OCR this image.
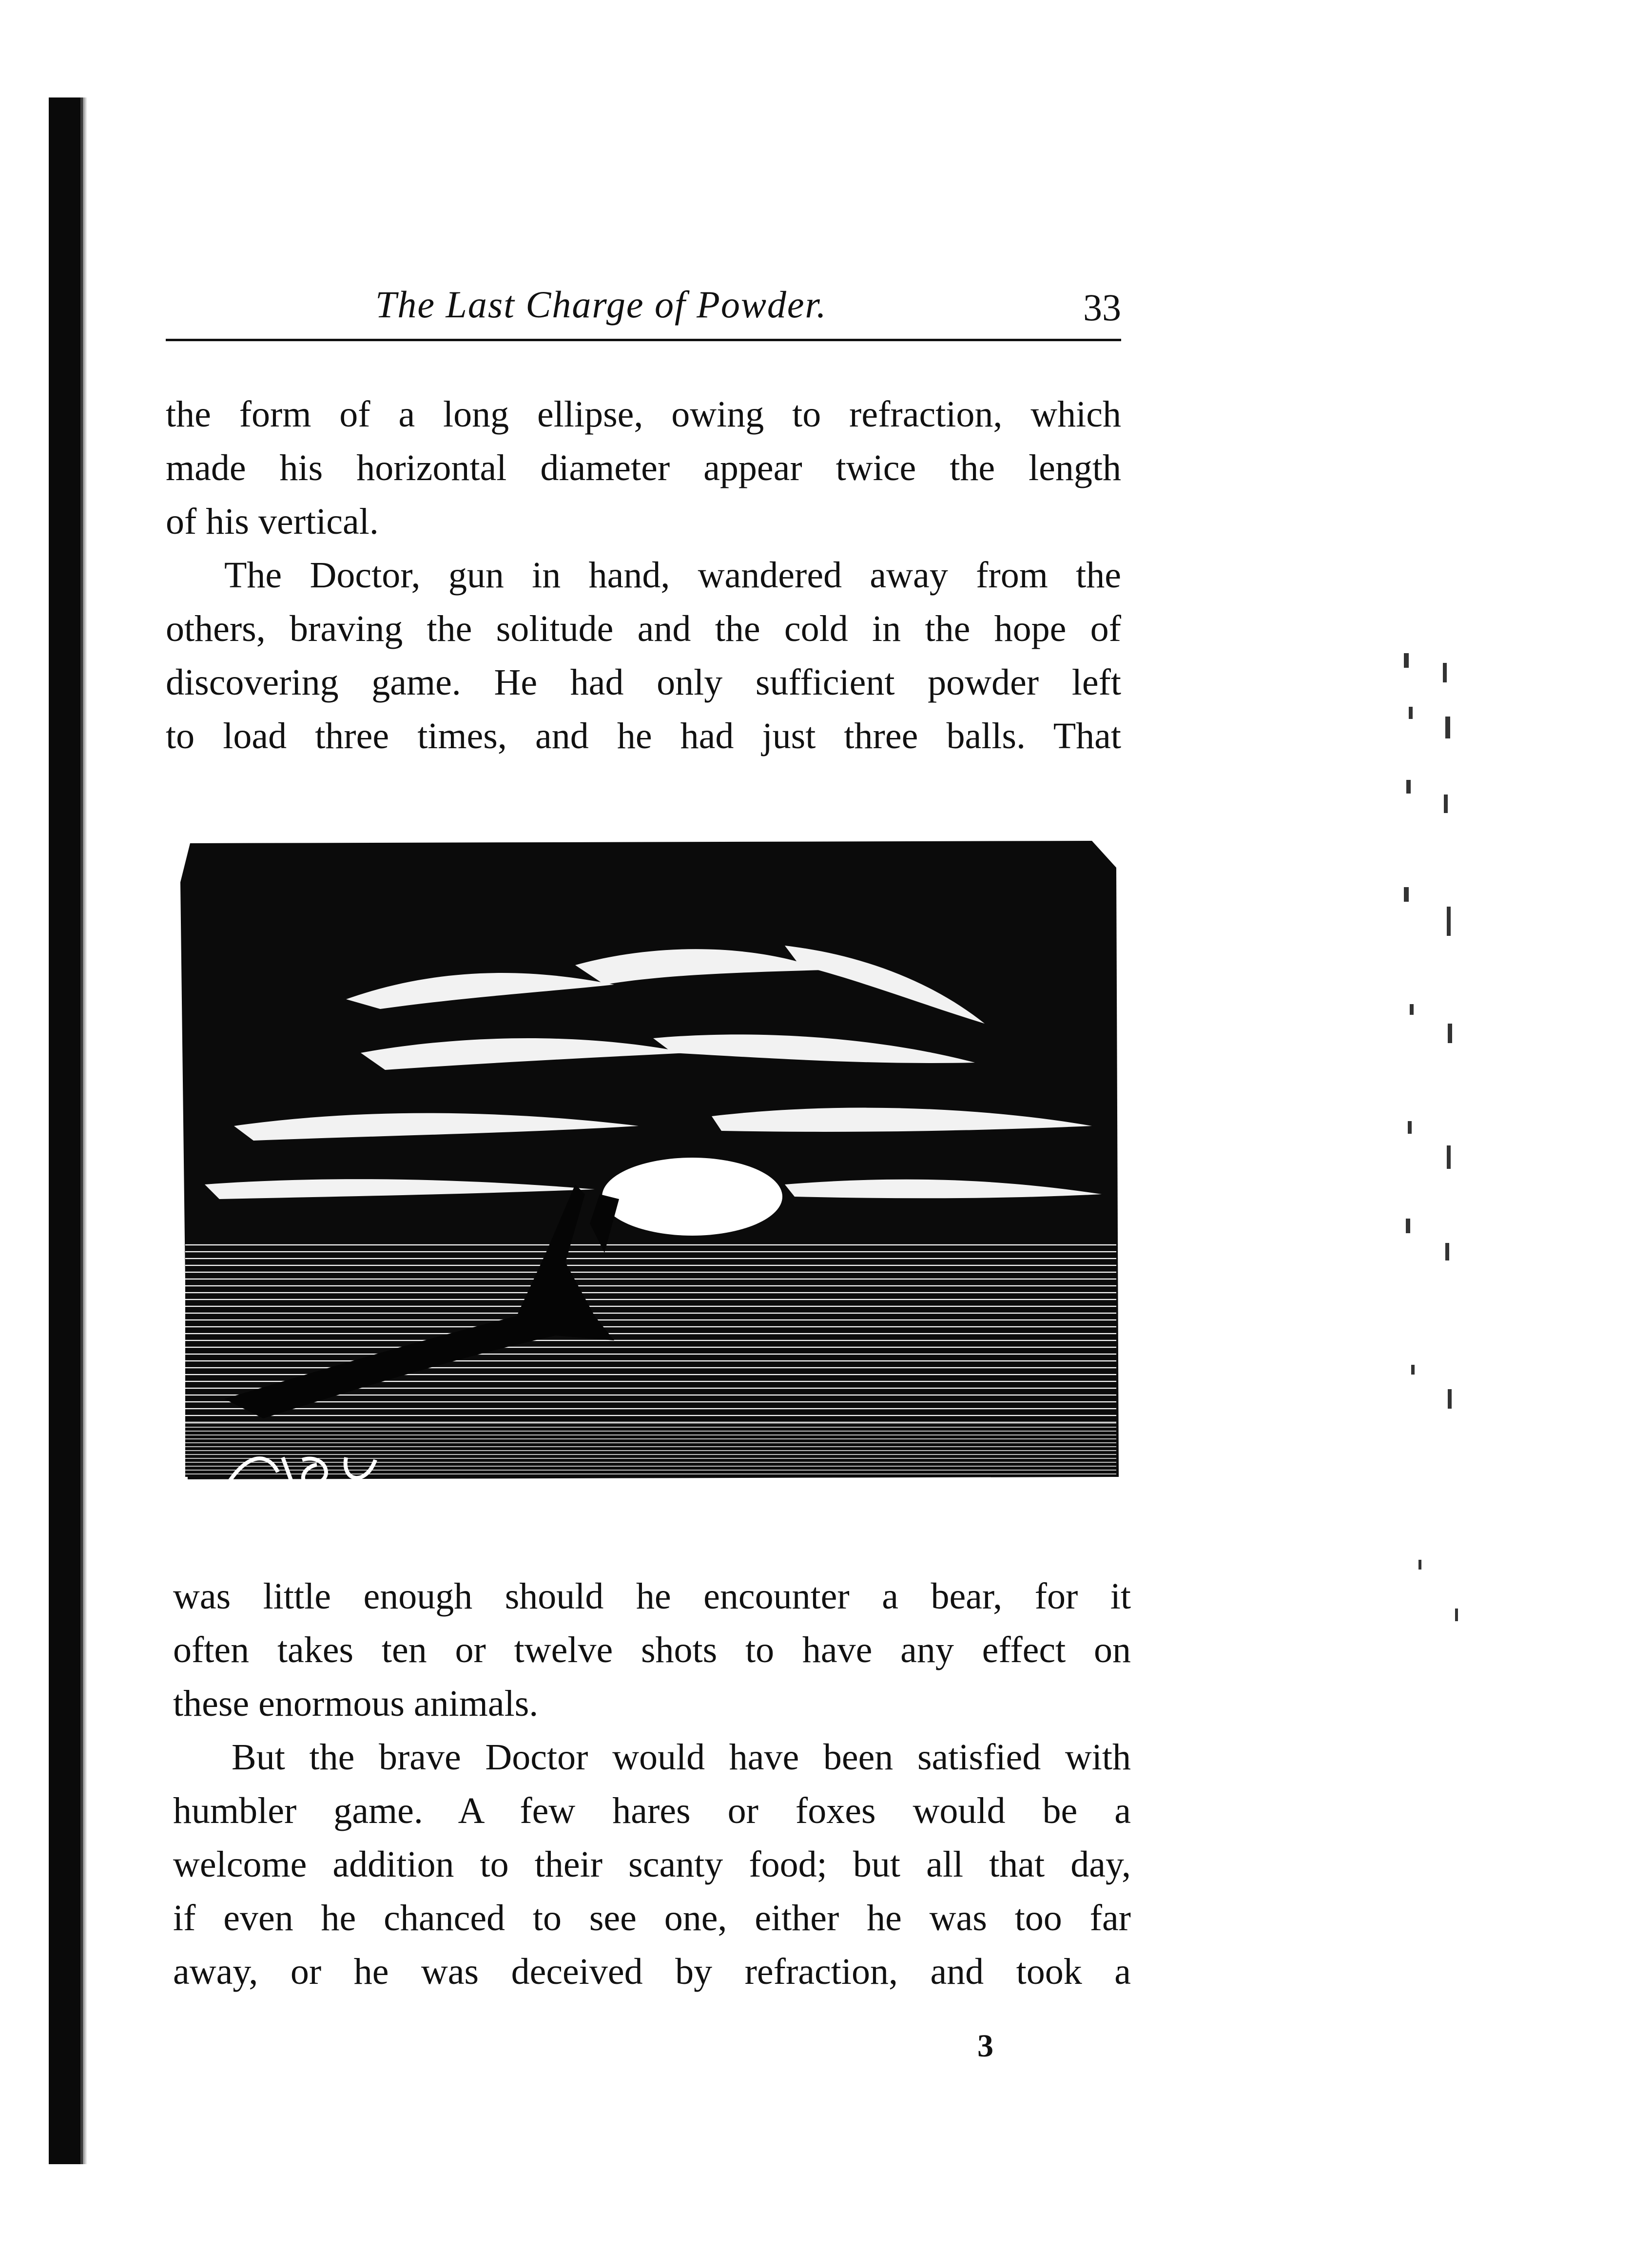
The Last Charge of Powder.	33
the form of a long ellipse, owing to refraction, which
made his horizontal diameter appear twice the length
of his vertical.
The Doctor, gun in hand, wandered away from the
others, braving the solitude and the cold in the hope of
discovering game. He had only sufficient powder left
to load three times, and he had just three balls. That
was little enough should he encounter a bear, for it
often takes ten or twelve shots to have any effect on
these enormous animals.
But the brave Doctor would have been satisfied with
humbler game. A few hares or foxes would be a
welcome addition to their scanty food; but all that day,
if even he chanced to see one, either he was too far
away, or he was deceived by refraction, and took a
3
